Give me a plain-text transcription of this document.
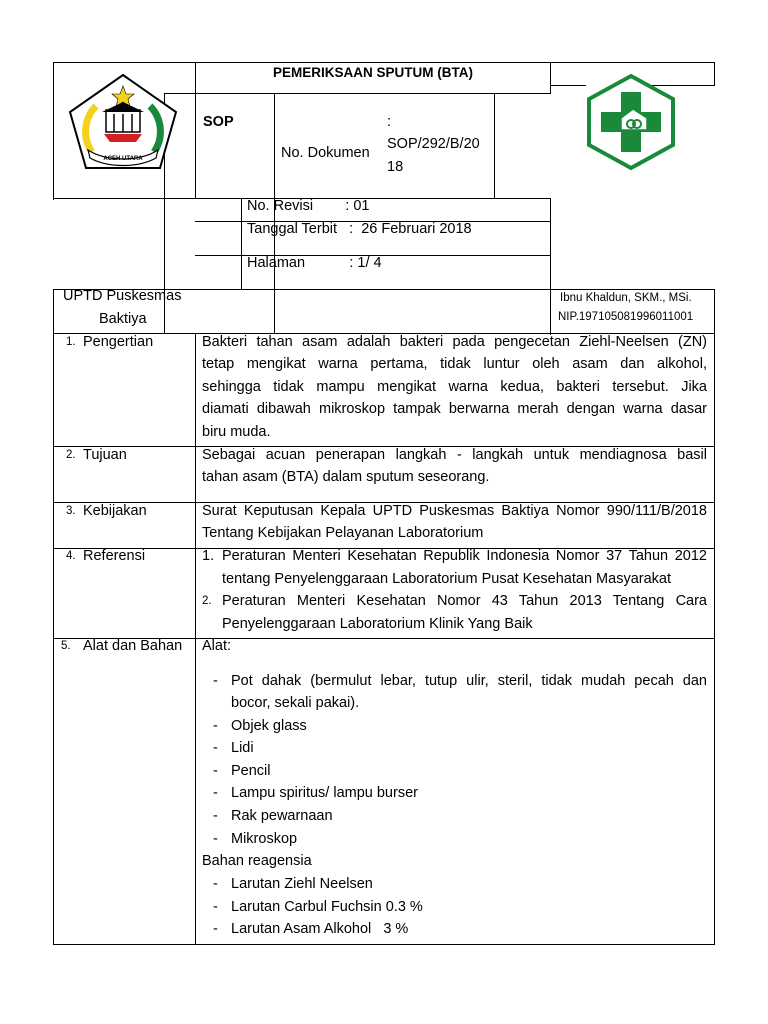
ACEH UTARA
PEMERIKSAAN SPUTUM (BTA)
SOP
No. Dokumen
:
SOP/292/B/20
18
No. Revisi        : 01
Tanggal Terbit   :  26 Februari 2018
Halaman           : 1/ 4
UPTD Puskesmas
Baktiya
Ibnu Khaldun, SKM., MSi.
NIP.197105081996011001
1. Pengertian	Bakteri tahan asam adalah bakteri pada pengecetan Ziehl-Neelsen (ZN)
tetap mengikat warna pertama, tidak luntur oleh asam dan alkohol,
sehingga tidak mampu mengikat warna kedua, bakteri tersebut. Jika
diamati dibawah mikroskop tampak berwarna merah dengan warna dasar
biru muda.
2. Tujuan	Sebagai acuan penerapan langkah - langkah untuk mendiagnosa basil
tahan asam (BTA) dalam sputum seseorang.
3. Kebijakan	Surat Keputusan Kepala UPTD Puskesmas Baktiya Nomor 990/111/B/2018
Tentang Kebijakan Pelayanan Laboratorium
4. Referensi	1. Peraturan Menteri Kesehatan Republik Indonesia Nomor 37 Tahun 2012
tentang Penyelenggaraan Laboratorium Pusat Kesehatan Masyarakat
2. Peraturan Menteri Kesehatan Nomor 43 Tahun 2013 Tentang Cara
Penyelenggaraan Laboratorium Klinik Yang Baik
5. Alat dan Bahan Alat:
- Pot dahak (bermulut lebar, tutup ulir, steril, tidak mudah pecah dan
bocor, sekali pakai).
- Objek glass
- Lidi
- Pencil
- Lampu spiritus/ lampu burser
- Rak pewarnaan
- Mikroskop
Bahan reagensia
- Larutan Ziehl Neelsen
- Larutan Carbul Fuchsin 0.3 %
- Larutan Asam Alkohol   3 %
